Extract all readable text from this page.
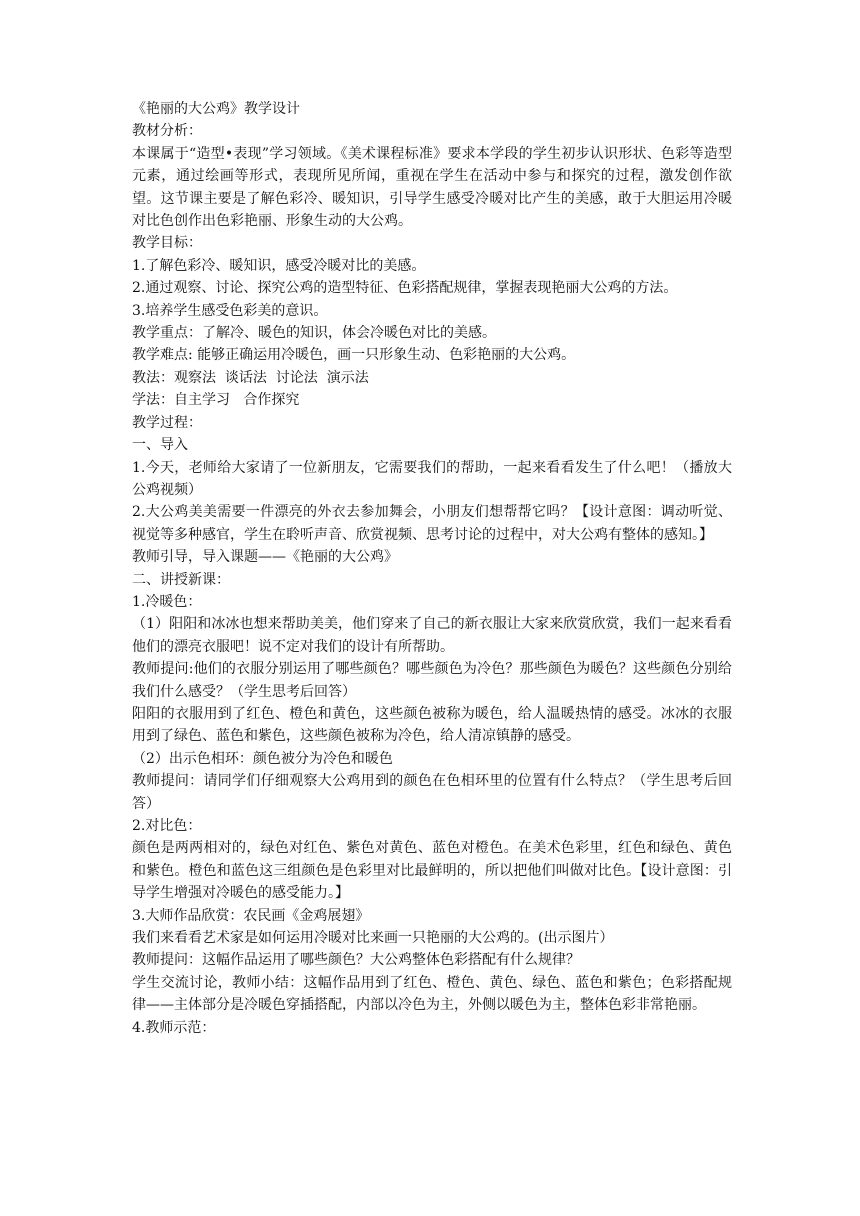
《艳丽的大公鸡》教学设计

教材分析：

本课属于“造型•表现”学习领域。《美术课程标准》要求本学段的学生初步认识形状、色彩等造型元素，通过绘画等形式，表现所见所闻，重视在学生在活动中参与和探究的过程，激发创作欲望。这节课主要是了解色彩冷、暖知识，引导学生感受冷暖对比产生的美感，敢于大胆运用冷暖对比色创作出色彩艳丽、形象生动的大公鸡。

教学目标：

1.了解色彩冷、暖知识，感受冷暖对比的美感。

2.通过观察、讨论、探究公鸡的造型特征、色彩搭配规律，掌握表现艳丽大公鸡的方法。

3.培养学生感受色彩美的意识。

教学重点：了解冷、暖色的知识，体会冷暖色对比的美感。

教学难点: 能够正确运用冷暖色，画一只形象生动、色彩艳丽的大公鸡。

教法：观察法  谈话法  讨论法  演示法

学法：自主学习   合作探究

教学过程：

一、导入

1.今天，老师给大家请了一位新朋友，它需要我们的帮助，一起来看看发生了什么吧！（播放大公鸡视频）

2.大公鸡美美需要一件漂亮的外衣去参加舞会，小朋友们想帮帮它吗？【设计意图：调动听觉、视觉等多种感官，学生在聆听声音、欣赏视频、思考讨论的过程中，对大公鸡有整体的感知。】

教师引导，导入课题——《艳丽的大公鸡》

二、讲授新课：

1.冷暖色：

（1）阳阳和冰冰也想来帮助美美，他们穿来了自己的新衣服让大家来欣赏欣赏，我们一起来看看他们的漂亮衣服吧！说不定对我们的设计有所帮助。

教师提问:他们的衣服分别运用了哪些颜色？哪些颜色为冷色？那些颜色为暖色？这些颜色分别给我们什么感受？（学生思考后回答）

阳阳的衣服用到了红色、橙色和黄色，这些颜色被称为暖色，给人温暖热情的感受。冰冰的衣服用到了绿色、蓝色和紫色，这些颜色被称为冷色，给人清凉镇静的感受。

（2）出示色相环：颜色被分为冷色和暖色

教师提问：请同学们仔细观察大公鸡用到的颜色在色相环里的位置有什么特点？（学生思考后回答）

2.对比色：

颜色是两两相对的，绿色对红色、紫色对黄色、蓝色对橙色。在美术色彩里，红色和绿色、黄色和紫色。橙色和蓝色这三组颜色是色彩里对比最鲜明的，所以把他们叫做对比色。【设计意图：引导学生增强对冷暖色的感受能力。】

3.大师作品欣赏：农民画《金鸡展翅》

我们来看看艺术家是如何运用冷暖对比来画一只艳丽的大公鸡的。(出示图片）

教师提问：这幅作品运用了哪些颜色？大公鸡整体色彩搭配有什么规律？

学生交流讨论，教师小结：这幅作品用到了红色、橙色、黄色、绿色、蓝色和紫色；色彩搭配规律——主体部分是冷暖色穿插搭配，内部以冷色为主，外侧以暖色为主，整体色彩非常艳丽。

4.教师示范：
